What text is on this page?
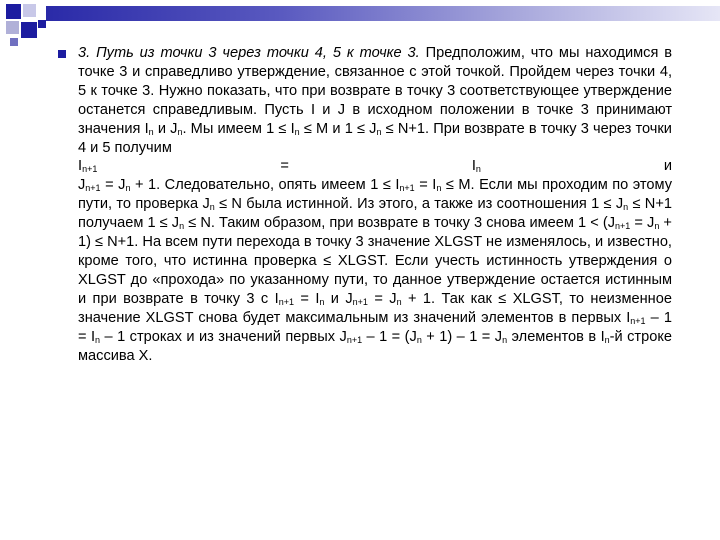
3. Путь из точки 3 через точки 4, 5 к точке 3. Предположим, что мы находимся в точке 3 и справедливо утверждение, связанное с этой точкой. Пройдем через точки 4, 5 к точке 3. Нужно показать, что при возврате в точку 3 соответствующее утверждение останется справедливым. Пусть I и J в исходном положении в точке 3 принимают значения $I_n$ и $J_n$. Мы имеем $1 \le I_n \le M$ и $1 \le J_n \le N+1$. При возврате в точку 3 через точки 4 и 5 получим
$I_{n+1}$	=	$I_n$	и
$J_{n+1} = J_n + 1$. Следовательно, опять имеем $1 \le I_{n+1} = I_n \le M$. Если мы проходим по этому пути, то проверка $J_n \le N$ была истинной. Из этого, а также из соотношения $1 \le J_n \le N+1$ получаем $1 \le J_n \le N$. Таким образом, при возврате в точку 3 снова имеем $1 < (J_{n+1} = J_n + 1) \le N+1$. На всем пути перехода в точку 3 значение XLGST не изменялось, и известно, кроме того, что истинна проверка ≤ XLGST. Если учесть истинность утверждения о XLGST до «прохода» по указанному пути, то данное утверждение остается истинным и при возврате в точку 3 с $I_{n+1} = I_n$ и $J_{n+1} = J_n + 1$. Так как ≤ XLGST, то неизменное значение XLGST снова будет максимальным из значений элементов в первых $I_{n+1} - 1 = I_n - 1$ строках и из значений первых $J_{n+1} - 1 = (J_n + 1) - 1 = J_n$ элементов в $I_n-й$ строке массива X.
